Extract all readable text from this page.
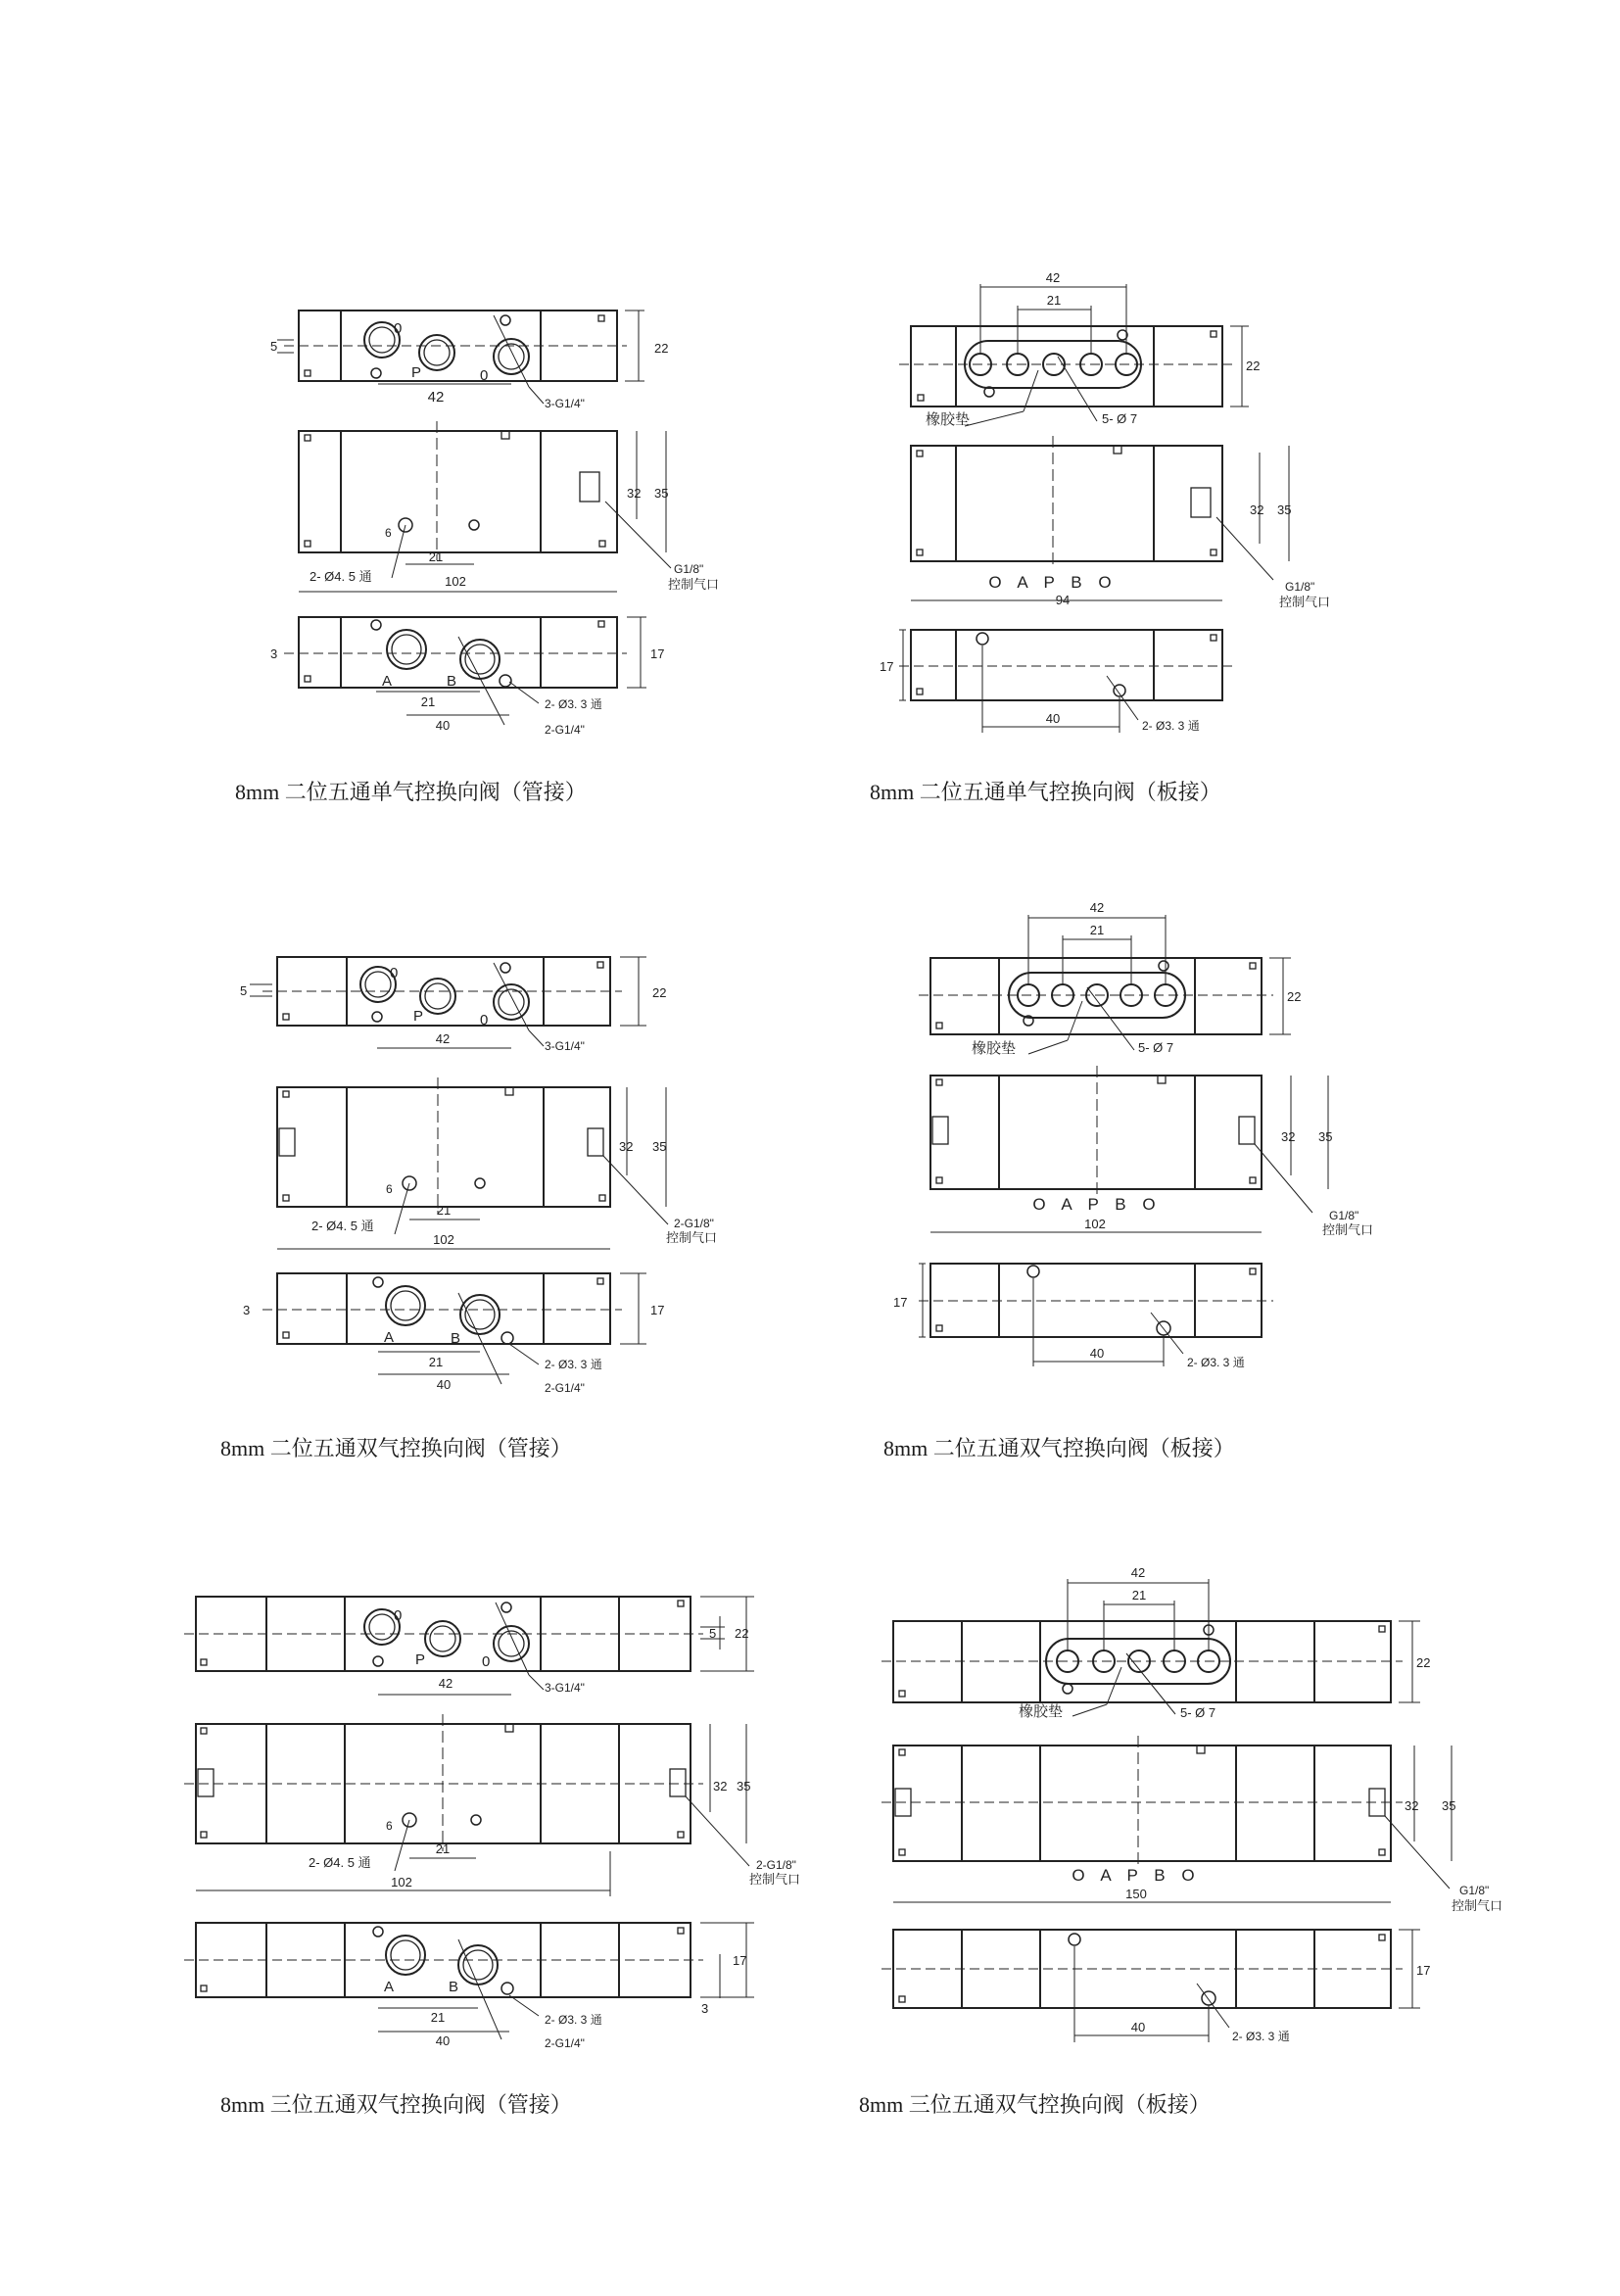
0
P	0
42	3-G1/4"
5	22
21
102
2- Ø4. 5 通
6
32 35
G1/8"
控制气口
A	B
21
40
2- Ø3. 3 通
2-G1/4"
3	17
42
21
橡胶垫	5- Ø 7
22
O A P B O
94
32 35
G1/8"
控制气口
40	2- Ø3. 3 通
17
0
P	0
42	3-G1/4"
5	22
21
102
2- Ø4. 5 通
6
32 35
2-G1/8"
控制气口
A	B
21
40
2- Ø3. 3 通
2-G1/4"
3	17
42
21
橡胶垫	5- Ø 7
22
O A P B O
102
32 35
G1/8"
控制气口
40
2- Ø3. 3 通
17
0
P	0
42	3-G1/4"
5 22
21
102
2- Ø4. 5 通
6
32 35
2-G1/8"
控制气口
A	B
21
40
2- Ø3. 3 通
2-G1/4"
3
17
42
21
橡胶垫	5- Ø 7
22
O A P B O
150
32 35
G1/8"
控制气口
40
2- Ø3. 3 通
17
8mm 二位五通单气控换向阀（管接）	8mm 二位五通单气控换向阀（板接）
8mm 二位五通双气控换向阀（管接）	8mm 二位五通双气控换向阀（板接）
8mm 三位五通双气控换向阀（管接）	8mm 三位五通双气控换向阀（板接）
